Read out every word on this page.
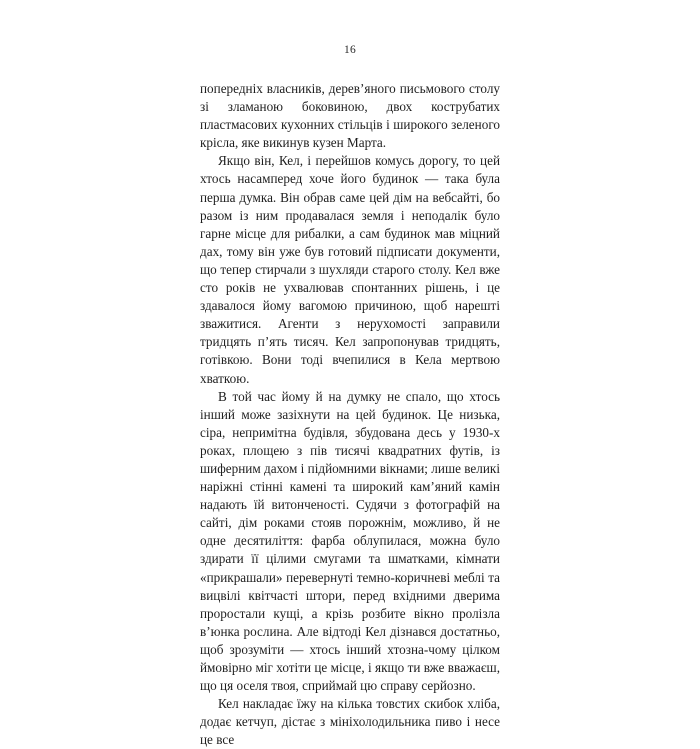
16

попередніх власників, дерев’яного письмового столу зі зламаною боковиною, двох кострубатих пластмасових кухонних стільців і широкого зеленого крісла, яке викинув кузен Марта.

Якщо він, Кел, і перейшов комусь дорогу, то цей хтось насамперед хоче його будинок — така була перша думка. Він обрав саме цей дім на вебсайті, бо разом із ним продавалася земля і неподалік було гарне місце для рибалки, а сам будинок мав міцний дах, тому він уже був готовий підписати документи, що тепер стирчали з шухляди старого столу. Кел вже сто років не ухвалював спонтанних рішень, і це здавалося йому вагомою причиною, щоб нарешті зважитися. Агенти з нерухомості заправили тридцять п’ять тисяч. Кел запропонував тридцять, готівкою. Вони тоді вчепилися в Кела мертвою хваткою.

В той час йому й на думку не спало, що хтось інший може зазіхнути на цей будинок. Це низька, сіра, непримітна будівля, збудована десь у 1930-х роках, площею з пів тисячі квадратних футів, із шиферним дахом і підйомними вікнами; лише великі наріжні стінні камені та широкий кам’яний камін надають їй витонченості. Судячи з фотографій на сайті, дім роками стояв порожнім, можливо, й не одне десятиліття: фарба облупилася, можна було здирати її цілими смугами та шматками, кімнати «прикрашали» перевернуті темно-коричневі меблі та вицвілі квітчасті штори, перед вхідними дверима проростали кущі, а крізь розбите вікно пролізла в’юнка рослина. Але відтоді Кел дізнався достатньо, щоб зрозуміти — хтось інший хтозна-чому цілком ймовірно міг хотіти це місце, і якщо ти вже вважаєш, що ця оселя твоя, сприймай цю справу серйозно.

Кел накладає їжу на кілька товстих скибок хліба, додає кетчуп, дістає з мініхолодильника пиво і несе це все
